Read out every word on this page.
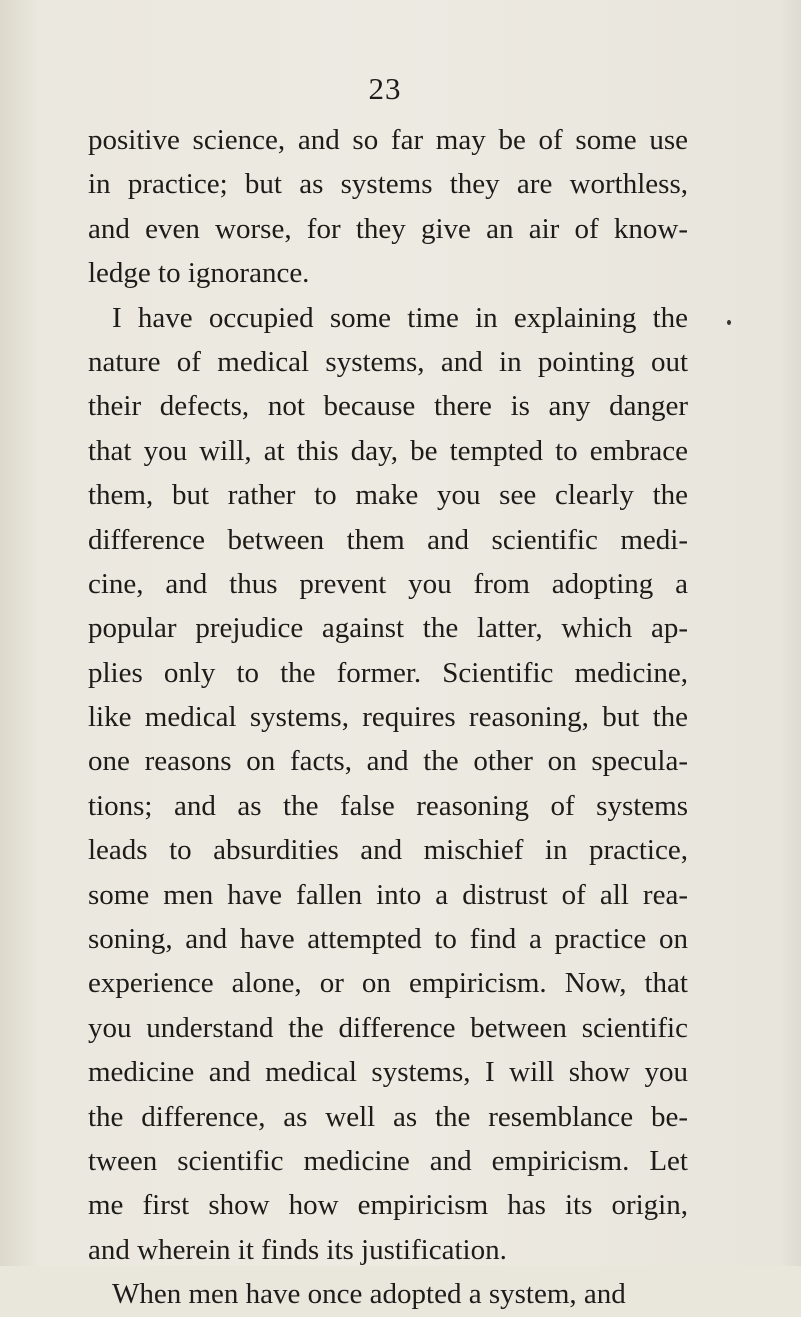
23
positive science, and so far may be of some use
in practice; but as systems they are worthless,
and even worse, for they give an air of know-
ledge to ignorance.
I have occupied some time in explaining the
nature of medical systems, and in pointing out
their defects, not because there is any danger
that you will, at this day, be tempted to embrace
them, but rather to make you see clearly the
difference between them and scientific medi-
cine, and thus prevent you from adopting a
popular prejudice against the latter, which ap-
plies only to the former. Scientific medicine,
like medical systems, requires reasoning, but the
one reasons on facts, and the other on specula-
tions; and as the false reasoning of systems
leads to absurdities and mischief in practice,
some men have fallen into a distrust of all rea-
soning, and have attempted to find a practice on
experience alone, or on empiricism. Now, that
you understand the difference between scientific
medicine and medical systems, I will show you
the difference, as well as the resemblance be-
tween scientific medicine and empiricism. Let
me first show how empiricism has its origin,
and wherein it finds its justification.
When men have once adopted a system, and
